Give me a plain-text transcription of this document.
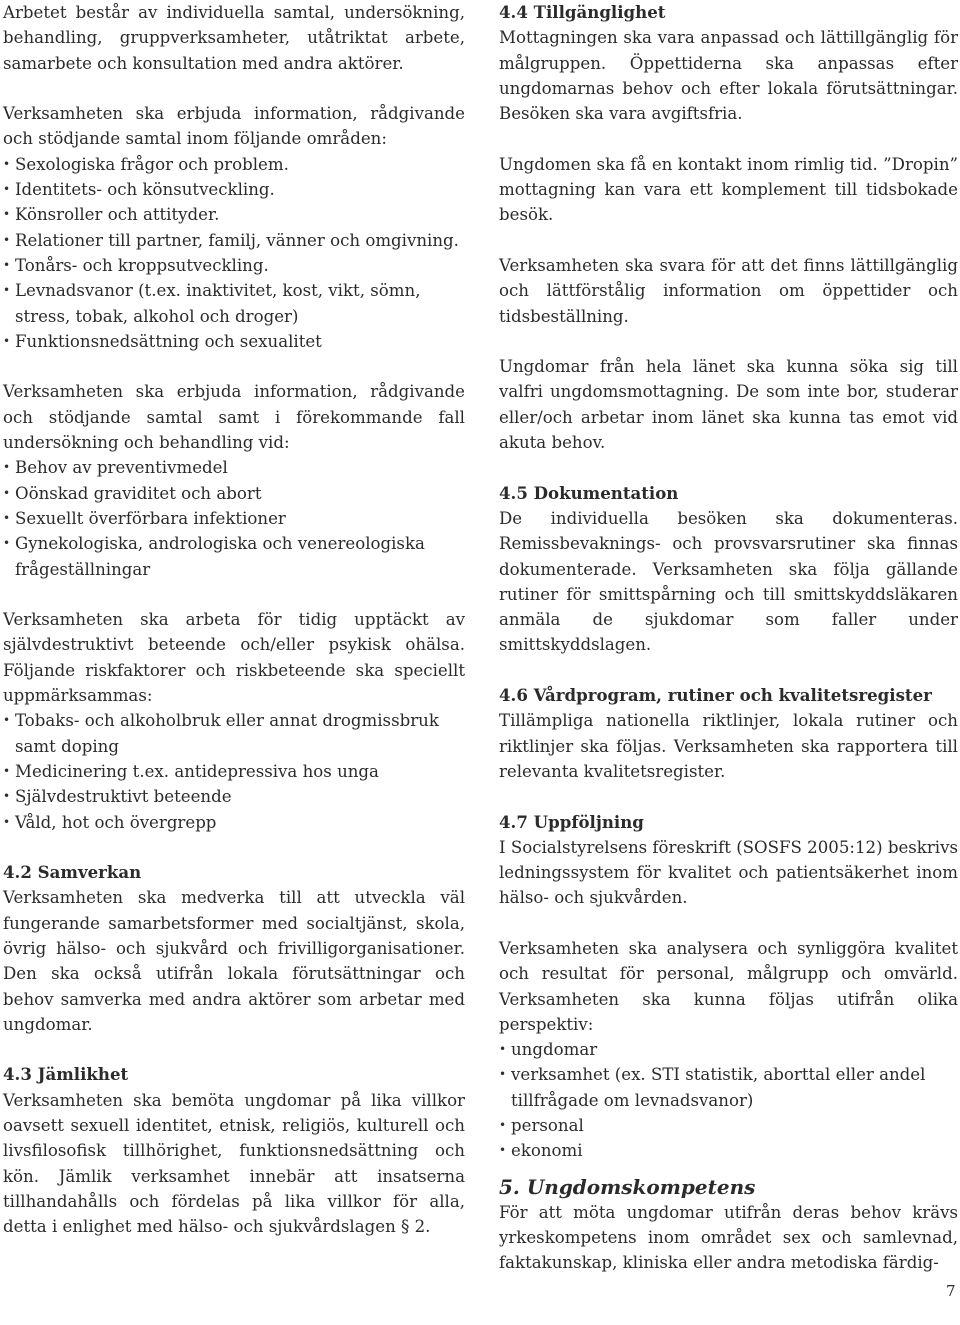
Arbetet består av individuella samtal, undersökning, behandling, gruppverksamheter, utåtriktat arbete, samarbete och konsultation med andra aktörer.

Verksamheten ska erbjuda information, rådgivande och stödjande samtal inom följande områden:

• Sexologiska frågor och problem.
• Identitets- och könsutveckling.
• Könsroller och attityder.
• Relationer till partner, familj, vänner och omgivning.
• Tonårs- och kroppsutveckling.
• Levnadsvanor (t.ex. inaktivitet, kost, vikt, sömn, stress, tobak, alkohol och droger)
• Funktionsnedsättning och sexualitet

Verksamheten ska erbjuda information, rådgivande och stödjande samtal samt i förekommande fall undersökning och behandling vid:

• Behov av preventivmedel
• Oönskad graviditet och abort
• Sexuellt överförbara infektioner
• Gynekologiska, andrologiska och venereologiska frågeställningar

Verksamheten ska arbeta för tidig upptäckt av självdestruktivt beteende och/eller psykisk ohälsa. Följande riskfaktorer och riskbeteende ska speciellt uppmärksammas:

• Tobaks- och alkoholbruk eller annat drogmissbruk samt doping
• Medicinering t.ex. antidepressiva hos unga
• Självdestruktivt beteende
• Våld, hot och övergrepp
4.2 Samverkan

Verksamheten ska medverka till att utveckla väl fungerande samarbetsformer med socialtjänst, skola, övrig hälso- och sjukvård och frivilligorganisationer. Den ska också utifrån lokala förutsättningar och behov samverka med andra aktörer som arbetar med ungdomar.

4.3 Jämlikhet

Verksamheten ska bemöta ungdomar på lika villkor oavsett sexuell identitet, etnisk, religiös, kulturell och livsfilosofisk tillhörighet, funktionsnedsättning och kön. Jämlik verksamhet innebär att insatserna tillhandahålls och fördelas på lika villkor för alla, detta i enlighet med hälso- och sjukvårdslagen § 2.

4.4 Tillgänglighet

Mottagningen ska vara anpassad och lättillgänglig för målgruppen. Öppettiderna ska anpassas efter ungdomarnas behov och efter lokala förutsättningar. Besöken ska vara avgiftsfria.

Ungdomen ska få en kontakt inom rimlig tid. ”Dropin” mottagning kan vara ett komplement till tidsbokade besök.

Verksamheten ska svara för att det finns lättillgänglig och lättförstålig information om öppettider och tidsbeställning.

Ungdomar från hela länet ska kunna söka sig till valfri ungdomsmottagning. De som inte bor, studerar eller/och arbetar inom länet ska kunna tas emot vid akuta behov.

4.5 Dokumentation

De individuella besöken ska dokumenteras. Remissbevaknings- och provsvarsrutiner ska finnas dokumenterade. Verksamheten ska följa gällande rutiner för smittspårning och till smittskyddsläkaren anmäla de sjukdomar som faller under smittskyddslagen.

4.6 Vårdprogram, rutiner och kvalitetsregister

Tillämpliga nationella riktlinjer, lokala rutiner och riktlinjer ska följas. Verksamheten ska rapportera till relevanta kvalitetsregister.

4.7 Uppföljning

I Socialstyrelsens föreskrift (SOSFS 2005:12) beskrivs ledningssystem för kvalitet och patientsäkerhet inom hälso- och sjukvården.

Verksamheten ska analysera och synliggöra kvalitet och resultat för personal, målgrupp och omvärld. Verksamheten ska kunna följas utifrån olika perspektiv:

• ungdomar
• verksamhet (ex. STI statistik, aborttal eller andel tillfrågade om levnadsvanor)
• personal
• ekonomi
5. Ungdomskompetens

För att möta ungdomar utifrån deras behov krävs yrkeskompetens inom området sex och samlevnad, faktakunskap, kliniska eller andra metodiska färdig-

7
